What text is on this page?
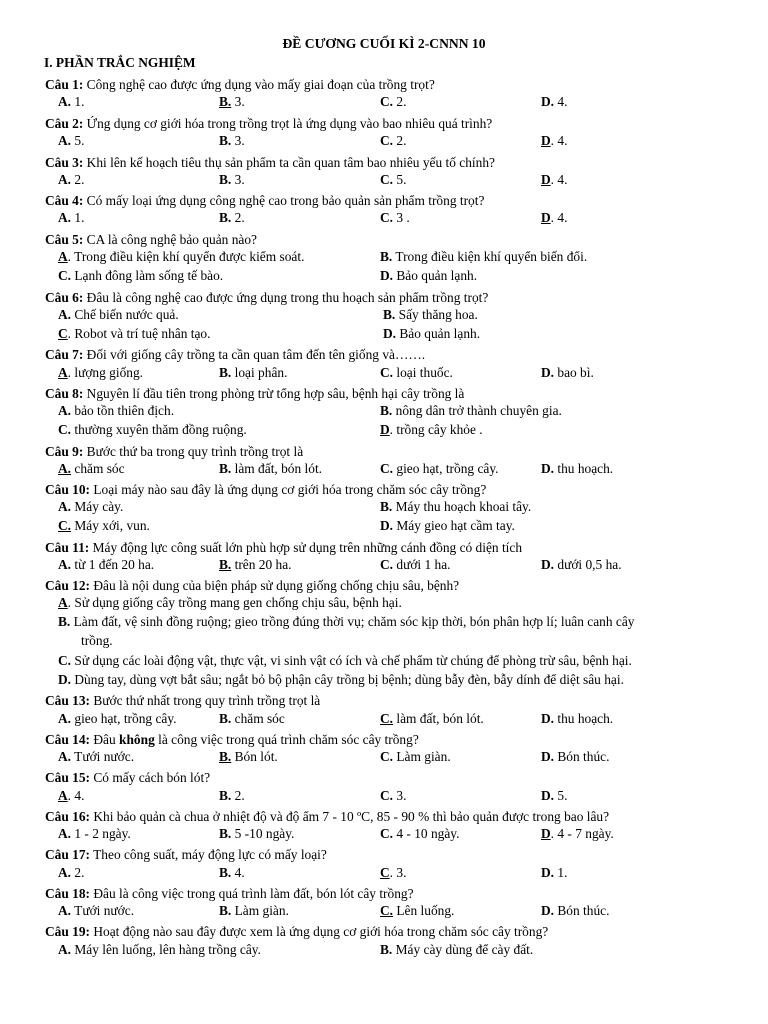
ĐỀ CƯƠNG CUỐI KÌ 2-CNNN 10
I. PHẦN TRẮC NGHIỆM
Câu 1: Công nghệ cao được ứng dụng vào mấy giai đoạn của trồng trọt?
A. 1.	B. 3.	C. 2.	D. 4.
Câu 2: Ứng dụng cơ giới hóa trong trồng trọt là ứng dụng vào bao nhiêu quá trình?
A. 5.	B. 3.	C. 2.	D. 4.
Câu 3: Khi lên kế hoạch tiêu thụ sản phẩm ta cần quan tâm bao nhiêu yếu tố chính?
A. 2.	B. 3.	C. 5.	D. 4.
Câu 4: Có mấy loại ứng dụng công nghệ cao trong bảo quản sản phẩm trồng trọt?
A. 1.	B. 2.	C. 3 .	D. 4.
Câu 5: CA là công nghệ bảo quản nào?
A. Trong điều kiện khí quyển được kiểm soát.	B. Trong điều kiện khí quyển biến đổi.
C. Lạnh đông làm sống tế bào.	D. Bảo quản lạnh.
Câu 6: Đâu là công nghệ cao được ứng dụng trong thu hoạch sản phẩm trồng trọt?
A. Chế biến nước quả.	B. Sấy thăng hoa.
C. Robot và trí tuệ nhân tạo.	D. Bảo quản lạnh.
Câu 7: Đối với giống cây trồng ta cần quan tâm đến tên giống và…….
A. lượng giống.	B. loại phân.	C. loại thuốc.	D. bao bì.
Câu 8: Nguyên lí đầu tiên trong phòng trừ tổng hợp sâu, bệnh hại cây trồng là
A. bảo tồn thiên địch.	B. nông dân trở thành chuyên gia.
C. thường xuyên thăm đồng ruộng.	D. trồng cây khỏe .
Câu 9: Bước thứ ba trong quy trình trồng trọt là
A. chăm sóc	B. làm đất, bón lót.	C. gieo hạt, trồng cây.	D. thu hoạch.
Câu 10: Loại máy nào sau đây là ứng dụng cơ giới hóa trong chăm sóc cây trồng?
A. Máy cày.	B. Máy thu hoạch khoai tây.
C. Máy xới, vun.	D. Máy gieo hạt cầm tay.
Câu 11: Máy động lực công suất lớn phù hợp sử dụng trên những cánh đồng có diện tích
A. từ 1 đến 20 ha.	B. trên 20 ha.	C. dưới 1 ha.	D. dưới 0,5 ha.
Câu 12: Đâu là nội dung của biện pháp sử dụng giống chống chịu sâu, bệnh?
A. Sử dụng giống cây trồng mang gen chống chịu sâu, bệnh hại.
B. Làm đất, vệ sinh đồng ruộng; gieo trồng đúng thời vụ; chăm sóc kịp thời, bón phân hợp lí; luân canh cây
trồng.
C. Sử dụng các loài động vật, thực vật, vi sinh vật có ích và chế phẩm từ chúng để phòng trừ sâu, bệnh hại.
D. Dùng tay, dùng vợt bắt sâu; ngắt bỏ bộ phận cây trồng bị bệnh; dùng bẫy đèn, bẫy dính để diệt sâu hại.
Câu 13: Bước thứ nhất trong quy trình trồng trọt là
A. gieo hạt, trồng cây.	B. chăm sóc	C. làm đất, bón lót.	D. thu hoạch.
Câu 14: Đâu không là công việc trong quá trình chăm sóc cây trồng?
A. Tưới nước.	B. Bón lót.	C. Làm giàn.	D. Bón thúc.
Câu 15: Có mấy cách bón lót?
A. 4.	B. 2.	C. 3.	D. 5.
Câu 16: Khi bảo quản cà chua ở nhiệt độ và độ ẩm 7 - 10 ºC, 85 - 90 % thì bảo quản được trong bao lâu?
A. 1 - 2 ngày.	B. 5 -10 ngày.	C. 4 - 10 ngày.	D. 4 - 7 ngày.
Câu 17: Theo công suất, máy động lực có mấy loại?
A. 2.	B. 4.	C. 3.	D. 1.
Câu 18: Đâu là công việc trong quá trình làm đất, bón lót cây trồng?
A. Tưới nước.	B. Làm giàn.	C. Lên luống.	D. Bón thúc.
Câu 19: Hoạt động nào sau đây được xem là ứng dụng cơ giới hóa trong chăm sóc cây trồng?
A. Máy lên luống, lên hàng trồng cây.	B. Máy cày dùng để cày đất.
